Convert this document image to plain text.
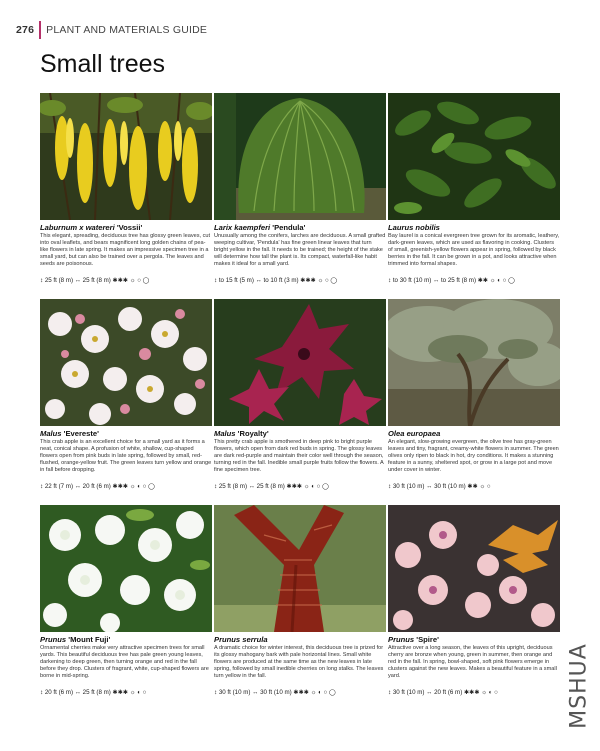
276 PLANT AND MATERIALS GUIDE
Small trees
Laburnum x watereri 'Vossii'
This elegant, spreading, deciduous tree has glossy green leaves, cut into oval leaflets, and bears magnificent long golden chains of pea-like flowers in late spring. It makes an impressive specimen tree in a small yard, but can also be trained over a pergola. The leaves and seeds are poisonous.
↕ 25 ft (8 m) ↔ 25 ft (8 m) ✱✱✱ ☼ ○ ◯
Larix kaempferi 'Pendula'
Unusually among the conifers, larches are deciduous. A small grafted weeping cultivar, 'Pendula' has fine green linear leaves that turn bright yellow in the fall. It needs to be trained; the height of the stake will determine how tall the plant is. Its compact, waterfall-like habit makes it ideal for a small yard.
↕ to 15 ft (5 m) ↔ to 10 ft (3 m) ✱✱✱ ☼ ○ ◯
Laurus nobilis
Bay laurel is a conical evergreen tree grown for its aromatic, leathery, dark-green leaves, which are used as flavoring in cooking. Clusters of small, greenish-yellow flowers appear in spring, followed by black berries in the fall. It can be grown in a pot, and looks attractive when trimmed into formal shapes.
↕ to 30 ft (10 m) ↔ to 25 ft (8 m) ✱✱ ☼ ◐ ○ ◯
Malus 'Evereste'
This crab apple is an excellent choice for a small yard as it forms a neat, conical shape. A profusion of white, shallow, cup-shaped flowers open from pink buds in late spring, followed by small, red-flushed, orange-yellow fruit. The green leaves turn yellow and orange in fall before dropping.
↕ 22 ft (7 m) ↔ 20 ft (6 m) ✱✱✱ ☼ ◐ ○ ◯
Malus 'Royalty'
This pretty crab apple is smothered in deep pink to bright purple flowers, which open from dark red buds in spring. The glossy leaves are dark red-purple and maintain their color well through the season, turning red in the fall. Inedible small purple fruits follow the flowers. A fine specimen tree.
↕ 25 ft (8 m) ↔ 25 ft (8 m) ✱✱✱ ☼ ◐ ○ ◯
Olea europaea
An elegant, slow-growing evergreen, the olive tree has gray-green leaves and tiny, fragrant, creamy-white flowers in summer. The green olives only ripen to black in hot, dry conditions. It makes a stunning feature in a sunny, sheltered spot, or grow in a large pot and move under cover in winter.
↕ 30 ft (10 m) ↔ 30 ft (10 m) ✱✱ ☼ ○
Prunus 'Mount Fuji'
Ornamental cherries make very attractive specimen trees for small yards. This beautiful deciduous tree has pale green young leaves, darkening to deep green, then turning orange and red in the fall before they drop. Clusters of fragrant, white, cup-shaped flowers are borne in mid-spring.
↕ 20 ft (6 m) ↔ 25 ft (8 m) ✱✱✱ ☼ ◐ ○
Prunus serrula
A dramatic choice for winter interest, this deciduous tree is prized for its glossy mahogany bark with pale horizontal lines. Small white flowers are produced at the same time as the new leaves in late spring, followed by small inedible cherries on long stalks. The leaves turn yellow in the fall.
↕ 30 ft (10 m) ↔ 30 ft (10 m) ✱✱✱ ☼ ◐ ○ ◯
Prunus 'Spire'
Attractive over a long season, the leaves of this upright, deciduous cherry are bronze when young, green in summer, then orange and red in the fall. In spring, bowl-shaped, soft pink flowers emerge in clusters against the new leaves. Makes a beautiful feature in a small yard.
↕ 30 ft (10 m) ↔ 20 ft (6 m) ✱✱✱ ☼ ◐ ○	MSHUA
